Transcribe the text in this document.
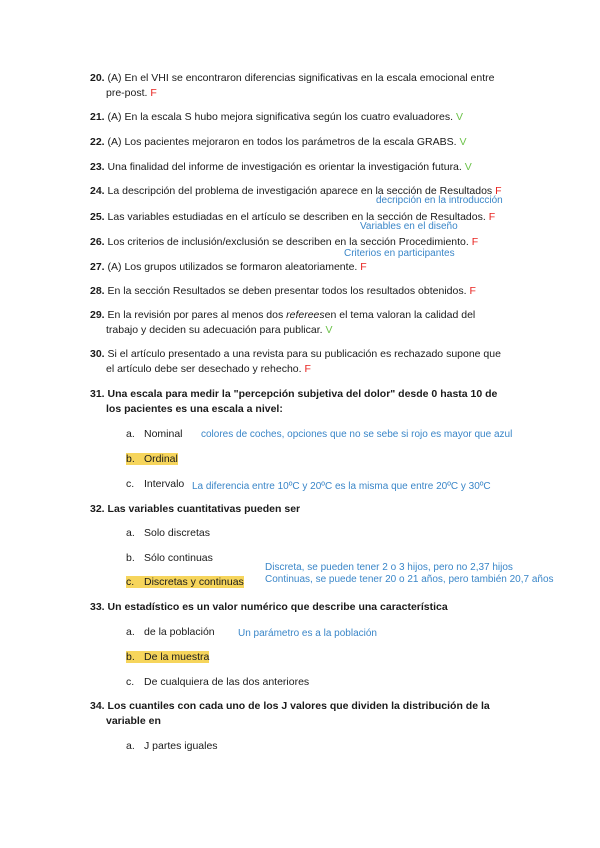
20. (A) En el VHI se encontraron diferencias significativas en la escala emocional entre
pre-post. F
21. (A) En la escala S hubo mejora significativa según los cuatro evaluadores. V
22. (A) Los pacientes mejoraron en todos los parámetros de la escala GRABS. V
23. Una finalidad del informe de investigación es orientar la investigación futura. V
24. La descripción del problema de investigación aparece en la sección de Resultados F
decripción en la introducción
25. Las variables estudiadas en el artículo se describen en la sección de Resultados. F
Variables en el diseño
26. Los criterios de inclusión/exclusión se describen en la sección Procedimiento. F
Criterios en participantes
27. (A) Los grupos utilizados se formaron aleatoriamente. F
28. En la sección Resultados se deben presentar todos los resultados obtenidos. F
29. En la revisión por pares al menos dos refereesen el tema valoran la calidad del
trabajo y deciden su adecuación para publicar. V
30. Si el artículo presentado a una revista para su publicación es rechazado supone que
el artículo debe ser desechado y rehecho. F
31. Una escala para medir la "percepción subjetiva del dolor" desde 0 hasta 10 de
los pacientes es una escala a nivel:
a. Nominal colores de coches, opciones que no se sebe si rojo es mayor que azul
b. Ordinal
c. Intervalo La diferencia entre 10ºC y 20ºC es la misma que entre 20ºC y 30ºC
32. Las variables cuantitativas pueden ser
a. Solo discretas
b. Sólo continuas
Discreta, se pueden tener 2 o 3 hijos, pero no 2,37 hijos
Continuas, se puede tener 20 o 21 años, pero también 20,7 años
c. Discretas y continuas
33. Un estadístico es un valor numérico que describe una característica
a. de la población Un parámetro es a la población
b. De la muestra
c. De cualquiera de las dos anteriores
34. Los cuantiles con cada uno de los J valores que dividen la distribución de la
variable en
a. J partes iguales
